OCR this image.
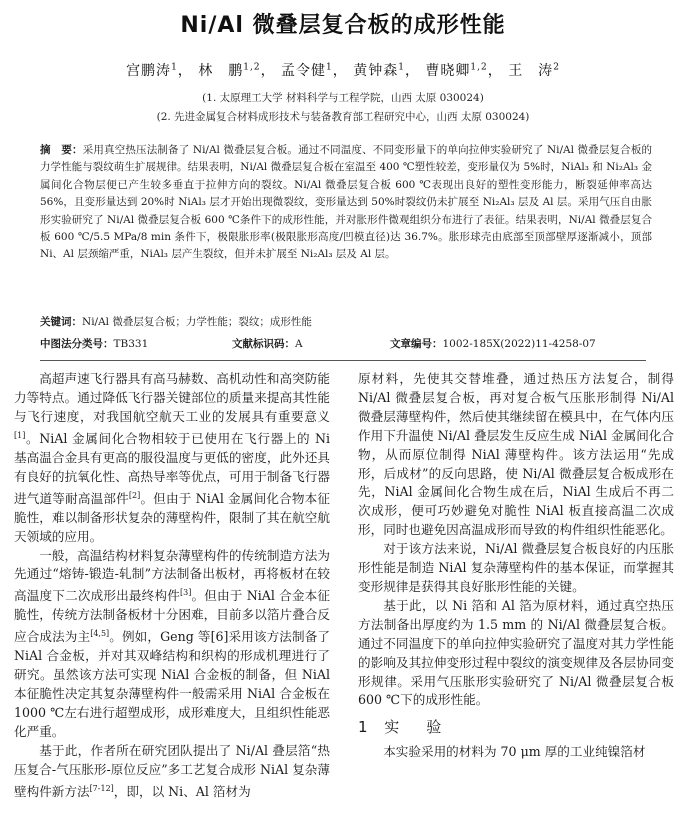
Ni/Al 微叠层复合板的成形性能
宫鹏涛$^1$， 林　鹏$^{1,2}$， 孟令健$^1$， 黄钟森$^1$， 曹晓卿$^{1,2}$， 王　涛$^2$
(1. 太原理工大学 材料科学与工程学院，山西 太原 030024)
(2. 先进金属复合材料成形技术与装备教育部工程研究中心，山西 太原 030024)
摘　要：采用真空热压法制备了 Ni/Al 微叠层复合板。通过不同温度、不同变形量下的单向拉伸实验研究了 Ni/Al 微叠层复合板的力学性能与裂纹萌生扩展规律。结果表明，Ni/Al 微叠层复合板在室温至 400 ℃塑性较差，变形量仅为 5%时，NiAl₃ 和 Ni₂Al₃ 金属间化合物层便已产生较多垂直于拉伸方向的裂纹。Ni/Al 微叠层复合板 600 ℃表现出良好的塑性变形能力，断裂延伸率高达 56%，且变形量达到 20%时 NiAl₃ 层才开始出现微裂纹，变形量达到 50%时裂纹仍未扩展至 Ni₂Al₃ 层及 Al 层。采用气压自由胀形实验研究了 Ni/Al 微叠层复合板 600 ℃条件下的成形性能，并对胀形件微观组织分布进行了表征。结果表明，Ni/Al 微叠层复合板 600 ℃/5.5 MPa/8 min 条件下，极限胀形率(极限胀形高度/凹模直径)达 36.7%。胀形球壳由底部至顶部壁厚逐渐减小，顶部 Ni、Al 层颈缩严重，NiAl₃ 层产生裂纹，但并未扩展至 Ni₂Al₃ 层及 Al 层。
关键词：Ni/Al 微叠层复合板；力学性能；裂纹；成形性能
中图法分类号：TB331	文献标识码：A	文章编号：1002-185X(2022)11-4258-07

高超声速飞行器具有高马赫数、高机动性和高突防能力等特点。通过降低飞行器关键部位的质量来提高其性能与飞行速度，对我国航空航天工业的发展具有重要意义[1]。NiAl 金属间化合物相较于已使用在飞行器上的 Ni 基高温合金具有更高的服役温度与更低的密度，此外还具有良好的抗氧化性、高热导率等优点，可用于制备飞行器进气道等耐高温部件[2]。但由于 NiAl 金属间化合物本征脆性，难以制备形状复杂的薄壁构件，限制了其在航空航天领域的应用。

一般，高温结构材料复杂薄壁构件的传统制造方法为先通过“熔铸-锻造-轧制”方法制备出板材，再将板材在较高温度下二次成形出最终构件[3]。但由于 NiAl 合金本征脆性，传统方法制备板材十分困难，目前多以箔片叠合反应合成法为主[4,5]。例如，Geng 等[6]采用该方法制备了 NiAl 合金板，并对其双峰结构和织构的形成机理进行了研究。虽然该方法可实现 NiAl 合金板的制备，但 NiAl 本征脆性决定其复杂薄壁构件一般需采用 NiAl 合金板在 1000 ℃左右进行超塑成形，成形难度大，且组织性能恶化严重。

基于此，作者所在研究团队提出了 Ni/Al 叠层箔“热压复合-气压胀形-原位反应”多工艺复合成形 NiAl 复杂薄壁构件新方法[7-12]，即，以 Ni、Al 箔材为

原材料，先使其交替堆叠，通过热压方法复合，制得 Ni/Al 微叠层复合板，再对复合板气压胀形制得 Ni/Al 微叠层薄壁构件，然后使其继续留在模具中，在气体内压作用下升温使 Ni/Al 叠层发生反应生成 NiAl 金属间化合物，从而原位制得 NiAl 薄壁构件。该方法运用“先成形，后成材”的反向思路，使 Ni/Al 微叠层复合板成形在先，NiAl 金属间化合物生成在后，NiAl 生成后不再二次成形，便可巧妙避免对脆性 NiAl 板直接高温二次成形，同时也避免因高温成形而导致的构件组织性能恶化。

对于该方法来说，Ni/Al 微叠层复合板良好的内压胀形性能是制造 NiAl 复杂薄壁构件的基本保证，而掌握其变形规律是获得其良好胀形性能的关键。

基于此，以 Ni 箔和 Al 箔为原材料，通过真空热压方法制备出厚度约为 1.5 mm 的 Ni/Al 微叠层复合板。通过不同温度下的单向拉伸实验研究了温度对其力学性能的影响及其拉伸变形过程中裂纹的演变规律及各层协同变形规律。采用气压胀形实验研究了 Ni/Al 微叠层复合板 600 ℃下的成形性能。

1 实　验

本实验采用的材料为 70 μm 厚的工业纯镍箔材
